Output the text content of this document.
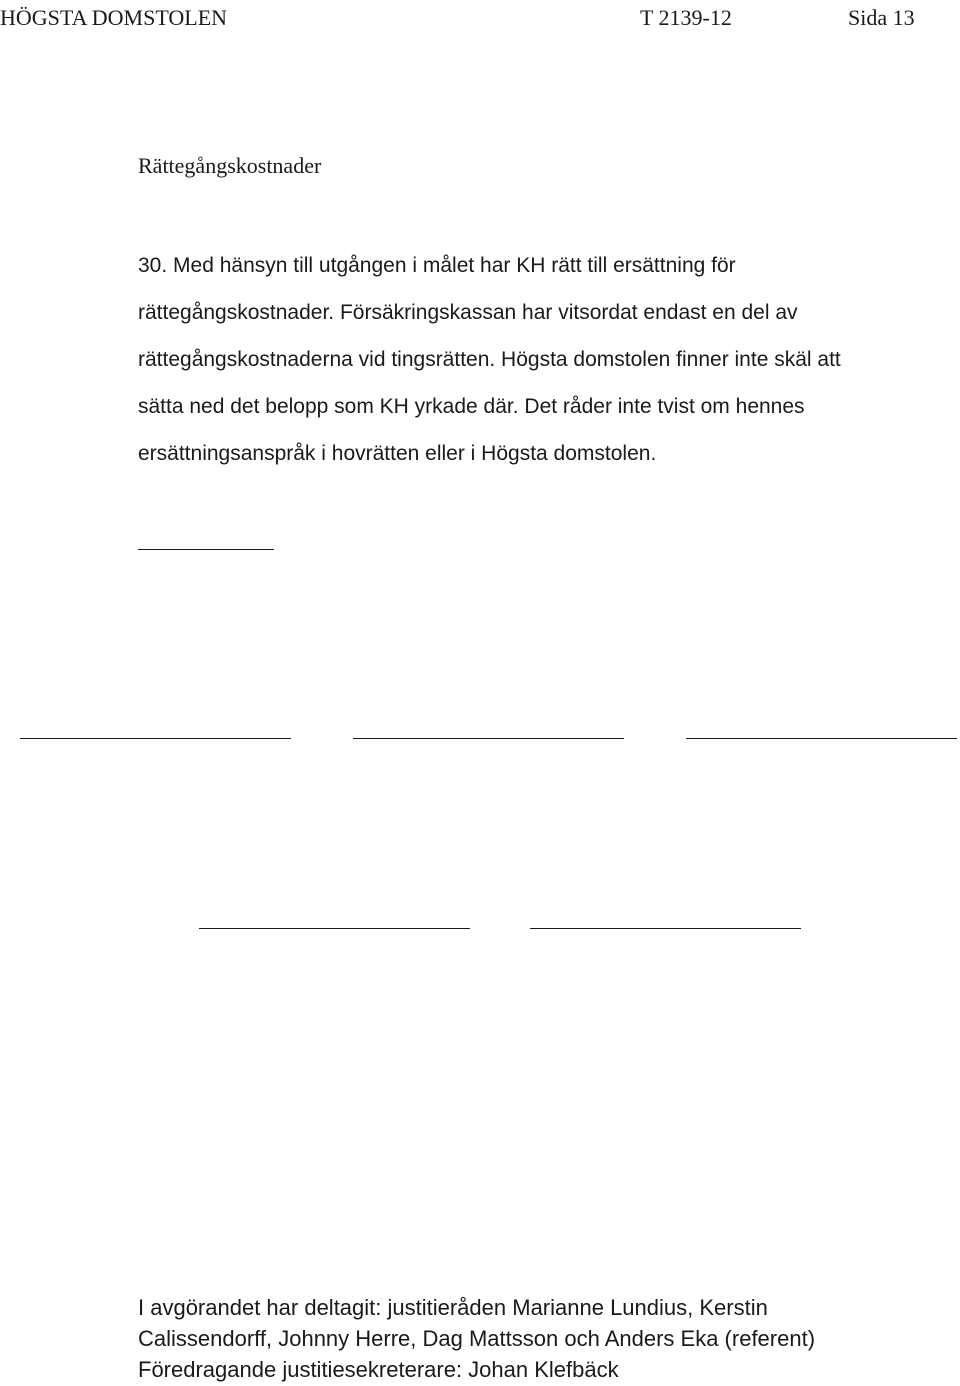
HÖGSTA DOMSTOLEN	T 2139-12	Sida 13
Rättegångskostnader
30. Med hänsyn till utgången i målet har KH rätt till ersättning för
rättegångskostnader. Försäkringskassan har vitsordat endast en del av
rättegångskostnaderna vid tingsrätten. Högsta domstolen finner inte skäl att
sätta ned det belopp som KH yrkade där. Det råder inte tvist om hennes
ersättningsanspråk i hovrätten eller i Högsta domstolen.
I avgörandet har deltagit: justitieråden Marianne Lundius, Kerstin
Calissendorff, Johnny Herre, Dag Mattsson och Anders Eka (referent)
Föredragande justitiesekreterare: Johan Klefbäck
